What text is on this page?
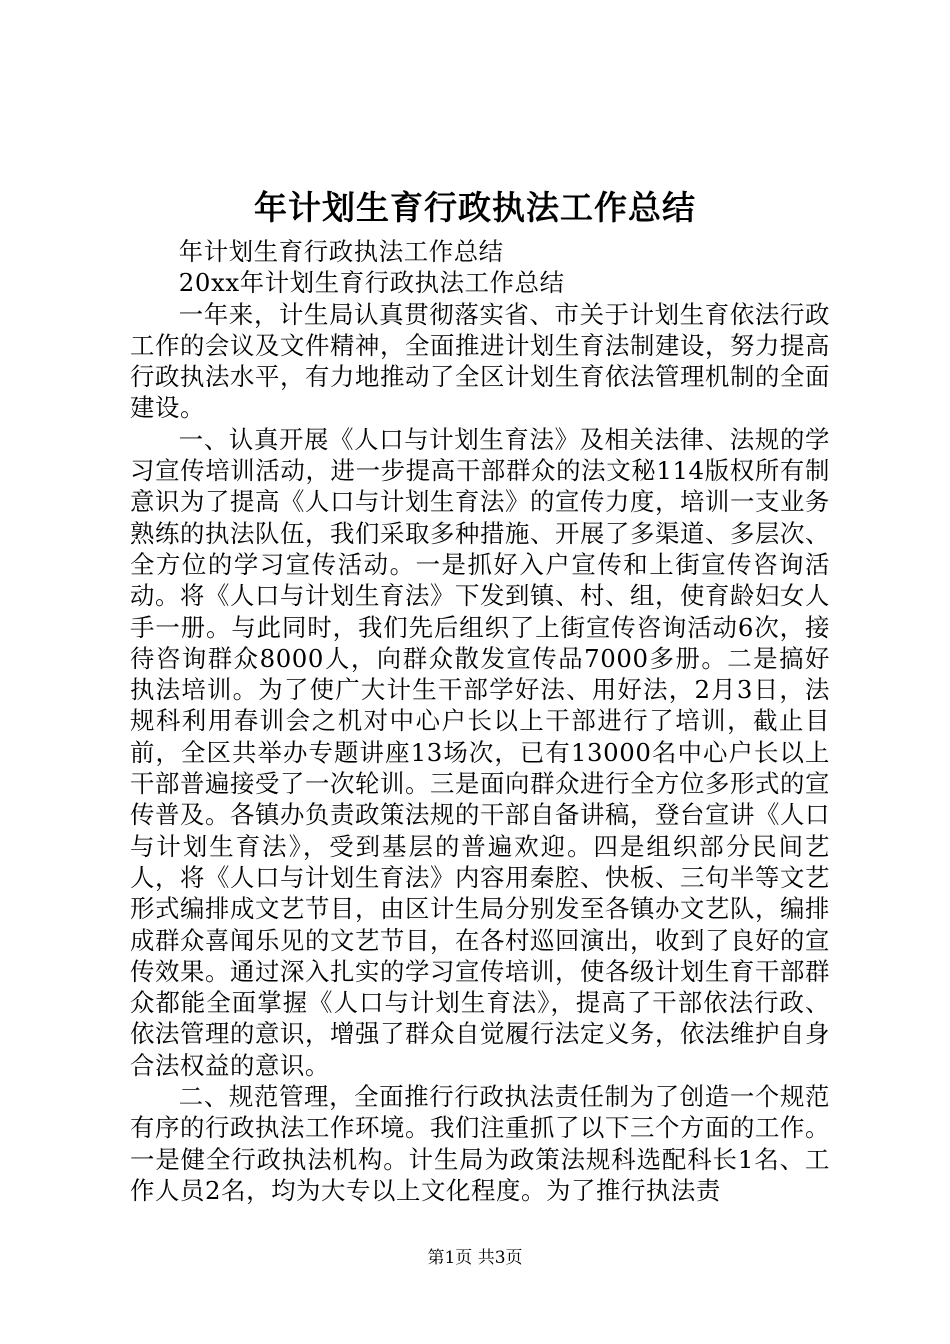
年计划生育行政执法工作总结

年计划生育行政执法工作总结

20xx年计划生育行政执法工作总结

一年来，计生局认真贯彻落实省、市关于计划生育依法行政工作的会议及文件精神，全面推进计划生育法制建设，努力提高行政执法水平，有力地推动了全区计划生育依法管理机制的全面建设。

一、认真开展《人口与计划生育法》及相关法律、法规的学习宣传培训活动，进一步提高干部群众的法文秘114版权所有制意识为了提高《人口与计划生育法》的宣传力度，培训一支业务熟练的执法队伍，我们采取多种措施、开展了多渠道、多层次、全方位的学习宣传活动。一是抓好入户宣传和上街宣传咨询活动。将《人口与计划生育法》下发到镇、村、组，使育龄妇女人手一册。与此同时，我们先后组织了上街宣传咨询活动6次，接待咨询群众8000人，向群众散发宣传品7000多册。二是搞好执法培训。为了使广大计生干部学好法、用好法，2月3日，法规科利用春训会之机对中心户长以上干部进行了培训，截止目前，全区共举办专题讲座13场次，已有13000名中心户长以上干部普遍接受了一次轮训。三是面向群众进行全方位多形式的宣传普及。各镇办负责政策法规的干部自备讲稿，登台宣讲《人口与计划生育法》，受到基层的普遍欢迎。四是组织部分民间艺人，将《人口与计划生育法》内容用秦腔、快板、三句半等文艺形式编排成文艺节目，由区计生局分别发至各镇办文艺队，编排成群众喜闻乐见的文艺节目，在各村巡回演出，收到了良好的宣传效果。通过深入扎实的学习宣传培训，使各级计划生育干部群众都能全面掌握《人口与计划生育法》，提高了干部依法行政、依法管理的意识，增强了群众自觉履行法定义务，依法维护自身合法权益的意识。

二、规范管理，全面推行行政执法责任制为了创造一个规范有序的行政执法工作环境。我们注重抓了以下三个方面的工作。一是健全行政执法机构。计生局为政策法规科选配科长1名、工作人员2名，均为大专以上文化程度。为了推行执法责

第1页 共3页
